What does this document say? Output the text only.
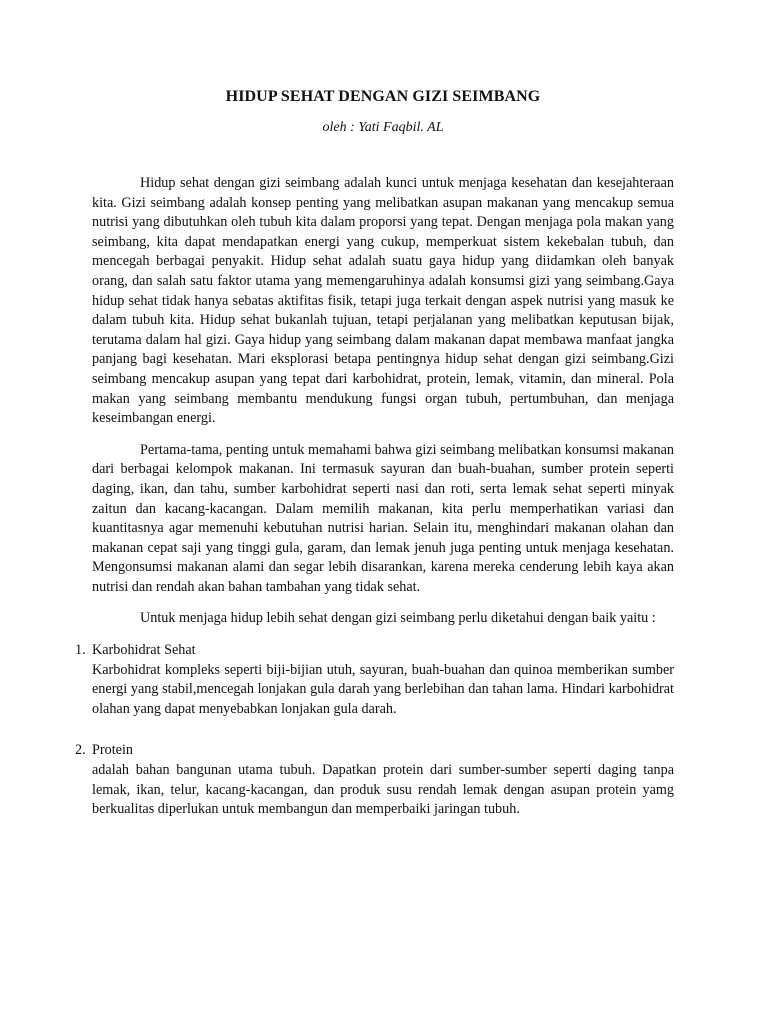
HIDUP SEHAT DENGAN GIZI SEIMBANG

oleh : Yati Faqbil. AL

Hidup sehat dengan gizi seimbang adalah kunci untuk menjaga kesehatan dan kesejahteraan kita. Gizi seimbang adalah konsep penting yang melibatkan asupan makanan yang mencakup semua nutrisi yang dibutuhkan oleh tubuh kita dalam proporsi yang tepat. Dengan menjaga pola makan yang seimbang, kita dapat mendapatkan energi yang cukup, memperkuat sistem kekebalan tubuh, dan mencegah berbagai penyakit. Hidup sehat adalah suatu gaya hidup yang diidamkan oleh banyak orang, dan salah satu faktor utama yang memengaruhinya adalah konsumsi gizi yang seimbang.Gaya hidup sehat tidak hanya sebatas aktifitas fisik, tetapi juga terkait dengan aspek nutrisi yang masuk ke dalam tubuh kita. Hidup sehat bukanlah tujuan, tetapi perjalanan yang melibatkan keputusan bijak, terutama dalam hal gizi. Gaya hidup yang seimbang dalam makanan dapat membawa manfaat jangka panjang bagi kesehatan. Mari eksplorasi betapa pentingnya hidup sehat dengan gizi seimbang.Gizi seimbang mencakup asupan yang tepat dari karbohidrat, protein, lemak, vitamin, dan mineral. Pola makan yang seimbang membantu mendukung fungsi organ tubuh, pertumbuhan, dan menjaga keseimbangan energi.

Pertama-tama, penting untuk memahami bahwa gizi seimbang melibatkan konsumsi makanan dari berbagai kelompok makanan. Ini termasuk sayuran dan buah-buahan, sumber protein seperti daging, ikan, dan tahu, sumber karbohidrat seperti nasi dan roti, serta lemak sehat seperti minyak zaitun dan kacang-kacangan. Dalam memilih makanan, kita perlu memperhatikan variasi dan kuantitasnya agar memenuhi kebutuhan nutrisi harian. Selain itu, menghindari makanan olahan dan makanan cepat saji yang tinggi gula, garam, dan lemak jenuh juga penting untuk menjaga kesehatan. Mengonsumsi makanan alami dan segar lebih disarankan, karena mereka cenderung lebih kaya akan nutrisi dan rendah akan bahan tambahan yang tidak sehat.

Untuk menjaga hidup lebih sehat dengan gizi seimbang perlu diketahui dengan baik yaitu :

1. Karbohidrat Sehat

Karbohidrat kompleks seperti biji-bijian utuh, sayuran, buah-buahan dan quinoa memberikan sumber energi yang stabil,mencegah lonjakan gula darah yang berlebihan dan tahan lama. Hindari karbohidrat olahan yang dapat menyebabkan lonjakan gula darah.

2. Protein

adalah bahan bangunan utama tubuh. Dapatkan protein dari sumber-sumber seperti daging tanpa lemak, ikan, telur, kacang-kacangan, dan produk susu rendah lemak dengan asupan protein yamg berkualitas diperlukan untuk membangun dan memperbaiki jaringan tubuh.
